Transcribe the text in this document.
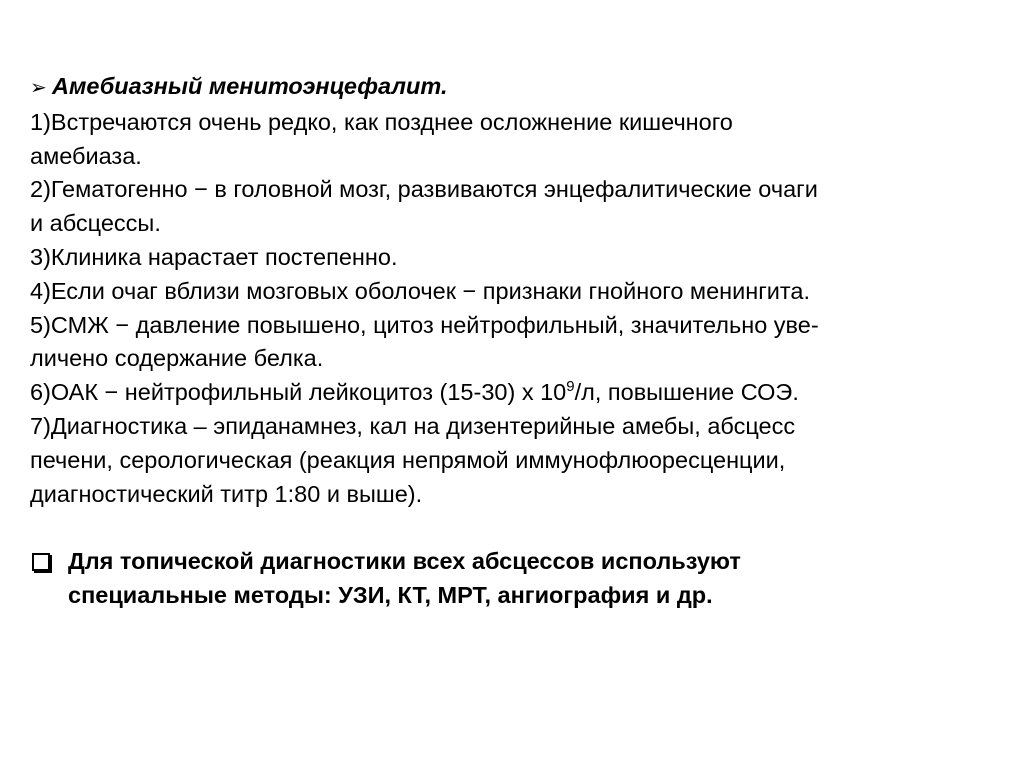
➢ Амебиазный менитоэнцефалит.
1)Встречаются очень редко, как позднее осложнение кишечного
амебиаза.
2)Гематогенно − в головной мозг, развиваются энцефалитические очаги
и абсцессы.
3)Клиника нарастает постепенно.
4)Если очаг вблизи мозговых оболочек − признаки гнойного менингита.
5)СМЖ − давление повышено, цитоз нейтрофильный, значительно уве-
личено содержание белка.
6)ОАК − нейтрофильный лейкоцитоз (15-30) х $10^9/л$, повышение СОЭ.
7)Диагностика – эпиданамнез, кал на дизентерийные амебы, абсцесс
печени, серологическая (реакция непрямой иммунофлюоресценции,
диагностический титр 1:80 и выше).
Для топической диагностики всех абсцессов используют
специальные методы: УЗИ, КТ, МРТ, ангиография и др.
